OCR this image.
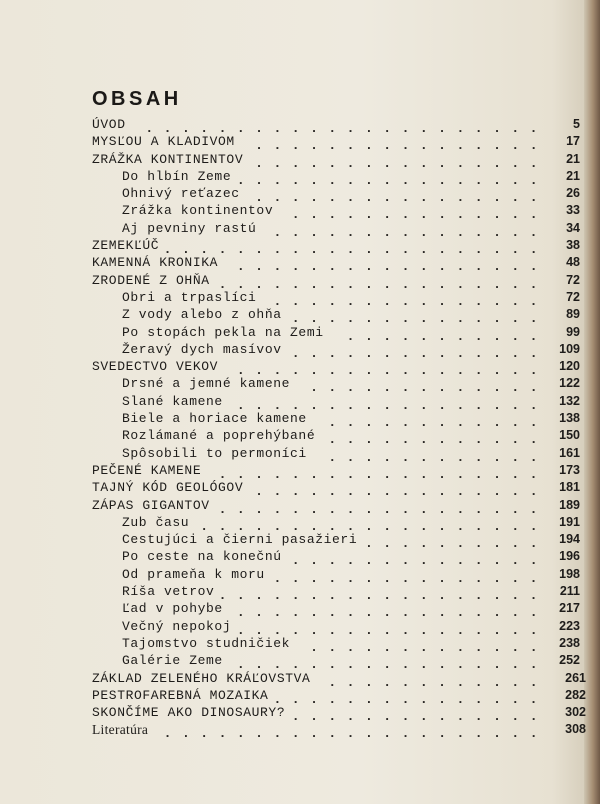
OBSAH
ÚVOD	5
......................
MYSĽOU A KLADIVOM	17
................
ZRÁŽKA KONTINENTOV	21
................
Do hlbín Zeme	21
.................
Ohnivý reťazec	26
................
Zrážka kontinentov	33
..............
Aj pevniny rastú	34
...............
ZEMEKĽÚČ	38
.....................
KAMENNÁ KRONIKA	48
.................
ZRODENÉ Z OHŇA	72
..................
Obri a trpaslíci	72
...............
Z vody alebo z ohňa	89
..............
Po stopách pekla na Zemi	99
...........
Žeravý dych masívov	109
..............
SVEDECTVO VEKOV	120
.................
Drsné a jemné kamene	122
.............
Slané kamene	132
.................
Biele a horiace kamene	138
............
Rozlámané a poprehýbané	150
............
Spôsobili to permoníci	161
............
PEČENÉ KAMENE	173
..................
TAJNÝ KÓD GEOLÓGOV	181
................
ZÁPAS GIGANTOV	189
..................
Zub času	191
...................
Cestujúci a čierni pasažieri	194
..........
Po ceste na konečnú	196
..............
Od prameňa k moru	198
...............
Ríša vetrov	211
..................
Ľad v pohybe	217
.................
Večný nepokoj	223
.................
Tajomstvo studničiek	238
.............
Galérie Zeme	252
.................
ZÁKLAD ZELENÉHO KRÁĽOVSTVA	261
............
PESTROFAREBNÁ MOZAIKA	282
...............
SKONČÍME AKO DINOSAURY?	302
..............
Literatúra	308
.....................
